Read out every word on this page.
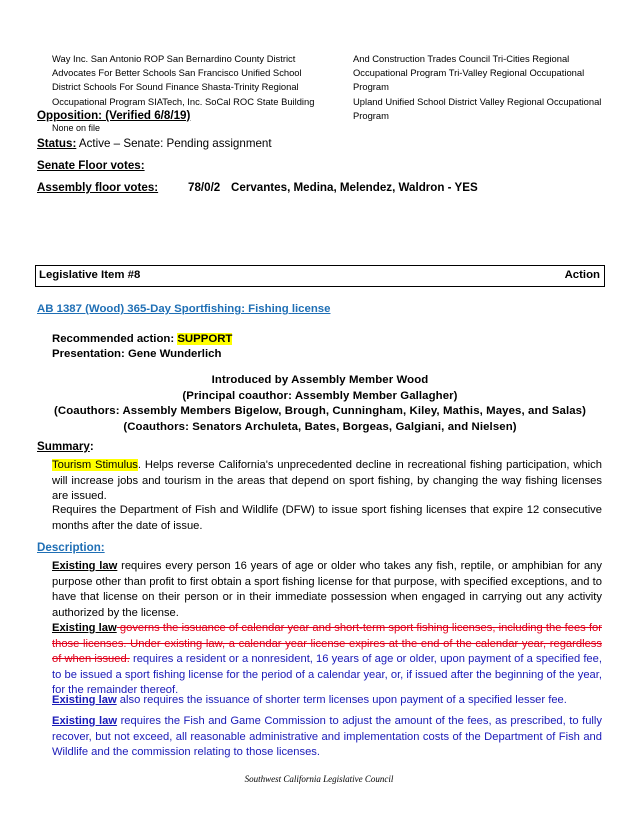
Way Inc. San Antonio ROP San Bernardino County District
Advocates For Better Schools San Francisco Unified School
District Schools For Sound Finance Shasta-Trinity Regional
Occupational Program SIATech, Inc. SoCal ROC State Building
And Construction Trades Council Tri-Cities Regional
Occupational Program Tri-Valley Regional Occupational Program
Upland Unified School District Valley Regional Occupational
Program
Opposition: (Verified 6/8/19)
None on file
Status: Active – Senate: Pending assignment
Senate Floor votes:
Assembly floor votes:	78/0/2 Cervantes, Medina, Melendez, Waldron - YES
Legislative Item #8	Action
AB 1387 (Wood) 365-Day Sportfishing: Fishing license
Recommended action: SUPPORT
Presentation: Gene Wunderlich
Introduced by Assembly Member Wood
(Principal coauthor: Assembly Member Gallagher)
(Coauthors: Assembly Members Bigelow, Brough, Cunningham, Kiley, Mathis, Mayes, and Salas)
(Coauthors: Senators Archuleta, Bates, Borgeas, Galgiani, and Nielsen)
Summary:
Tourism Stimulus. Helps reverse California's unprecedented decline in recreational fishing participation, which will increase jobs and tourism in the areas that depend on sport fishing, by changing the way fishing licenses are issued.
Requires the Department of Fish and Wildlife (DFW) to issue sport fishing licenses that expire 12 consecutive months after the date of issue.
Description:
Existing law requires every person 16 years of age or older who takes any fish, reptile, or amphibian for any purpose other than profit to first obtain a sport fishing license for that purpose, with specified exceptions, and to have that license on their person or in their immediate possession when engaged in carrying out any activity authorized by the license.
Existing law governs the issuance of calendar year and short-term sport fishing licenses, including the fees for those licenses. Under existing law, a calendar year license expires at the end of the calendar year, regardless of when issued. requires a resident or a nonresident, 16 years of age or older, upon payment of a specified fee, to be issued a sport fishing license for the period of a calendar year, or, if issued after the beginning of the year, for the remainder thereof.
Existing law also requires the issuance of shorter term licenses upon payment of a specified lesser fee.
Existing law requires the Fish and Game Commission to adjust the amount of the fees, as prescribed, to fully recover, but not exceed, all reasonable administrative and implementation costs of the Department of Fish and Wildlife and the commission relating to those licenses.
Southwest California Legislative Council
